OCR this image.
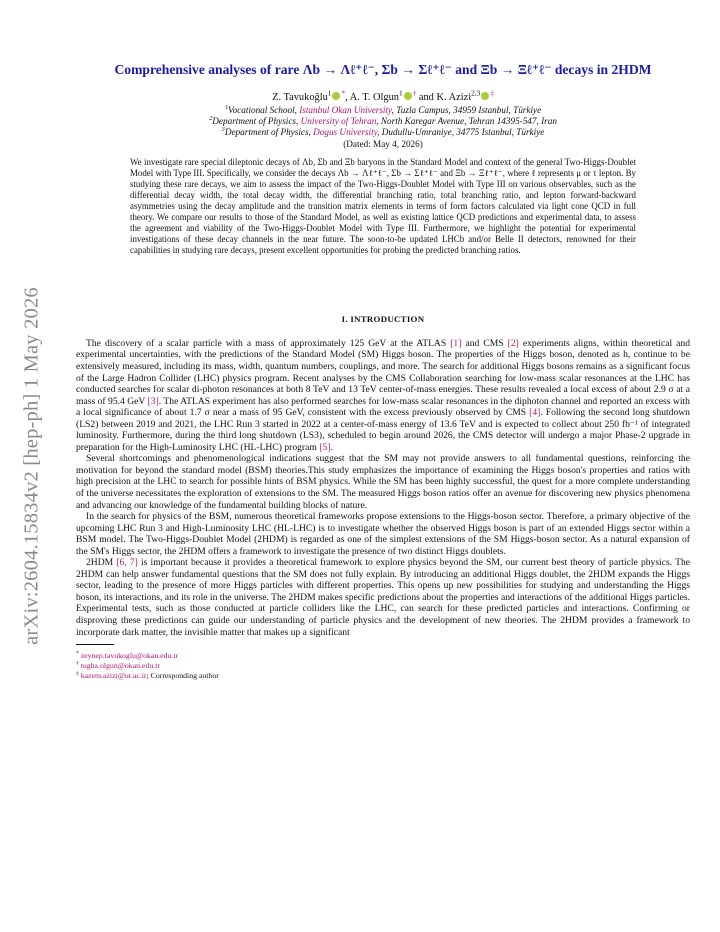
arXiv:2604.15834v2 [hep-ph] 1 May 2026
Comprehensive analyses of rare Λb → Λℓ⁺ℓ⁻, Σb → Σℓ⁺ℓ⁻ and Ξb → Ξℓ⁺ℓ⁻ decays in 2HDM
Z. Tavukoğlu$^1$ *, A. T. Olgun$^1$ † and K. Azizi$^{2,3}$ ‡
$^1$Vocational School, Istanbul Okan University, Tuzla Campus, 34959 Istanbul, Türkiye
$^2$Department of Physics, University of Tehran, North Karegar Avenue, Tehran 14395-547, Iran
$^3$Department of Physics, Dogus University, Dudullu-Umraniye, 34775 Istanbul, Türkiye
(Dated: May 4, 2026)
We investigate rare special dileptonic decays of Λb, Σb and Ξb baryons in the Standard Model and context of the general Two-Higgs-Doublet Model with Type III. Specifically, we consider the decays Λb → Λℓ⁺ℓ⁻, Σb → Σℓ⁺ℓ⁻ and Ξb → Ξℓ⁺ℓ⁻, where ℓ represents μ or τ lepton. By studying these rare decays, we aim to assess the impact of the Two-Higgs-Doublet Model with Type III on various observables, such as the differential decay width, the total decay width, the differential branching ratio, total branching ratio, and lepton forward-backward asymmetries using the decay amplitude and the transition matrix elements in terms of form factors calculated via light cone QCD in full theory. We compare our results to those of the Standard Model, as well as existing lattice QCD predictions and experimental data, to assess the agreement and viability of the Two-Higgs-Doublet Model with Type III. Furthermore, we highlight the potential for experimental investigations of these decay channels in the near future. The soon-to-be updated LHCb and/or Belle II detectors, renowned for their capabilities in studying rare decays, present excellent opportunities for probing the predicted branching ratios.
I. INTRODUCTION

The discovery of a scalar particle with a mass of approximately 125 GeV at the ATLAS [1] and CMS [2] experiments aligns, within theoretical and experimental uncertainties, with the predictions of the Standard Model (SM) Higgs boson. The properties of the Higgs boson, denoted as h, continue to be extensively measured, including its mass, width, quantum numbers, couplings, and more. The search for additional Higgs bosons remains as a significant focus of the Large Hadron Collider (LHC) physics program. Recent analyses by the CMS Collaboration searching for low-mass scalar resonances at the LHC has conducted searches for scalar di-photon resonances at both 8 TeV and 13 TeV center-of-mass energies. These results revealed a local excess of about 2.9 σ at a mass of 95.4 GeV [3]. The ATLAS experiment has also performed searches for low-mass scalar resonances in the diphoton channel and reported an excess with a local significance of about 1.7 σ near a mass of 95 GeV, consistent with the excess previously observed by CMS [4]. Following the second long shutdown (LS2) between 2019 and 2021, the LHC Run 3 started in 2022 at a center-of-mass energy of 13.6 TeV and is expected to collect about 250 fb⁻¹ of integrated luminosity. Furthermore, during the third long shutdown (LS3), scheduled to begin around 2026, the CMS detector will undergo a major Phase-2 upgrade in preparation for the High-Luminosity LHC (HL-LHC) program [5].

Several shortcomings and phenomenological indications suggest that the SM may not provide answers to all fundamental questions, reinforcing the motivation for beyond the standard model (BSM) theories.This study emphasizes the importance of examining the Higgs boson's properties and ratios with high precision at the LHC to search for possible hints of BSM physics. While the SM has been highly successful, the quest for a more complete understanding of the universe necessitates the exploration of extensions to the SM. The measured Higgs boson ratios offer an avenue for discovering new physics phenomena and advancing our knowledge of the fundamental building blocks of nature.

In the search for physics of the BSM, numerous theoretical frameworks propose extensions to the Higgs-boson sector. Therefore, a primary objective of the upcoming LHC Run 3 and High-Luminosity LHC (HL-LHC) is to investigate whether the observed Higgs boson is part of an extended Higgs sector within a BSM model. The Two-Higgs-Doublet Model (2HDM) is regarded as one of the simplest extensions of the SM Higgs-boson sector. As a natural expansion of the SM's Higgs sector, the 2HDM offers a framework to investigate the presence of two distinct Higgs doublets.

2HDM [6, 7] is important because it provides a theoretical framework to explore physics beyond the SM, our current best theory of particle physics. The 2HDM can help answer fundamental questions that the SM does not fully explain. By introducing an additional Higgs doublet, the 2HDM expands the Higgs sector, leading to the presence of more Higgs particles with different properties. This opens up new possibilities for studying and understanding the Higgs boson, its interactions, and its role in the universe. The 2HDM makes specific predictions about the properties and interactions of the additional Higgs particles. Experimental tests, such as those conducted at particle colliders like the LHC, can search for these predicted particles and interactions. Confirming or disproving these predictions can guide our understanding of particle physics and the development of new theories. The 2HDM provides a framework to incorporate dark matter, the invisible matter that makes up a significant

* zeynep.tavukoglu@okan.edu.tr
† tugba.olgun@okan.edu.tr
‡ kazem.azizi@ut.ac.ir; Corresponding author
